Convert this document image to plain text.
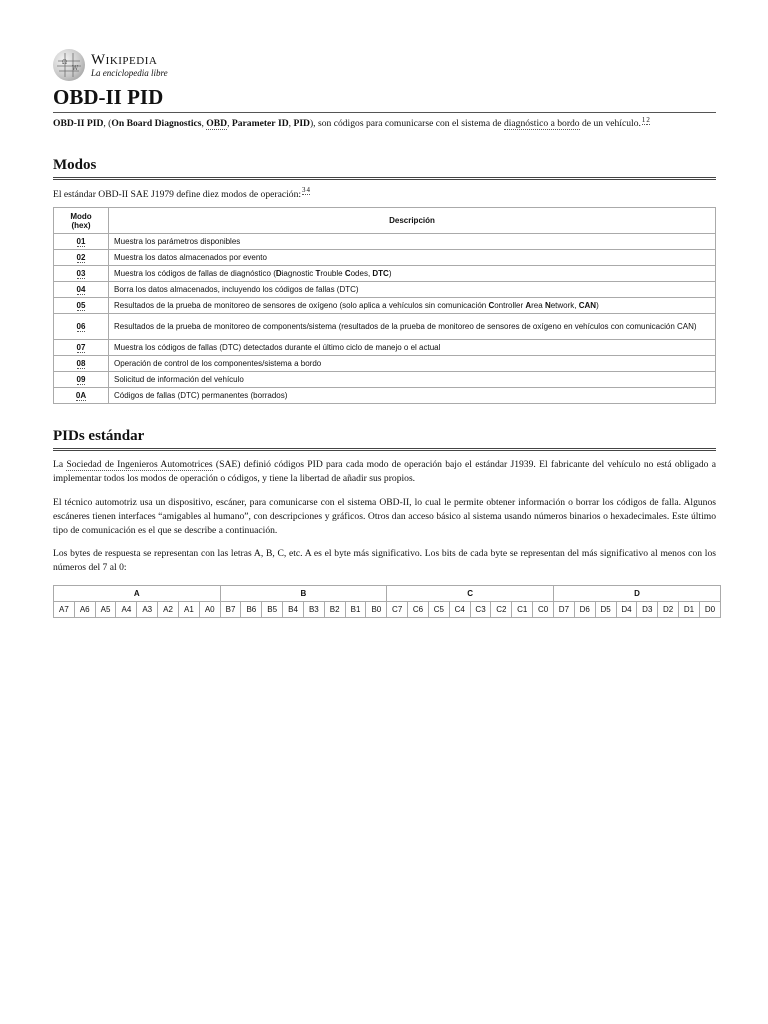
Ω
W
Wikipedia
La enciclopedia libre
OBD-II PID

OBD-II PID, (On Board Diagnostics, OBD, Parameter ID, PID), son códigos para comunicarse con el sistema de diagnóstico a bordo de un vehículo.$^{12}$

Modos

El estándar OBD-II SAE J1979 define diez modos de operación:$^{34}$

Modo
(hex)	Descripción
01	Muestra los parámetros disponibles
02	Muestra los datos almacenados por evento
03	Muestra los códigos de fallas de diagnóstico (Diagnostic Trouble Codes, DTC)
04	Borra los datos almacenados, incluyendo los códigos de fallas (DTC)
05	Resultados de la prueba de monitoreo de sensores de oxígeno (solo aplica a vehículos sin comunicación Controller Area Network, CAN)
06	Resultados de la prueba de monitoreo de components/sistema (resultados de la prueba de monitoreo de sensores de oxígeno en vehículos con comunicación CAN)
07	Muestra los códigos de fallas (DTC) detectados durante el último ciclo de manejo o el actual
08	Operación de control de los componentes/sistema a bordo
09	Solicitud de información del vehículo
0A	Códigos de fallas (DTC) permanentes (borrados)
PIDs estándar

La Sociedad de Ingenieros Automotrices (SAE) definió códigos PID para cada modo de operación bajo el estándar J1939. El fabricante del vehículo no está obligado a implementar todos los modos de operación o códigos, y tiene la libertad de añadir sus propios.

El técnico automotriz usa un dispositivo, escáner, para comunicarse con el sistema OBD-II, lo cual le permite obtener información o borrar los códigos de falla. Algunos escáneres tienen interfaces “amigables al humano”, con descripciones y gráficos. Otros dan acceso básico al sistema usando números binarios o hexadecimales. Este último tipo de comunicación es el que se describe a continuación.

Los bytes de respuesta se representan con las letras A, B, C, etc. A es el byte más significativo. Los bits de cada byte se representan del más significativo al menos con los números del 7 al 0:

A								B								C								D							
A7	A6	A5	A4	A3	A2	A1	A0	B7	B6	B5	B4	B3	B2	B1	B0	C7	C6	C5	C4	C3	C2	C1	C0	D7	D6	D5	D4	D3	D2	D1	D0
